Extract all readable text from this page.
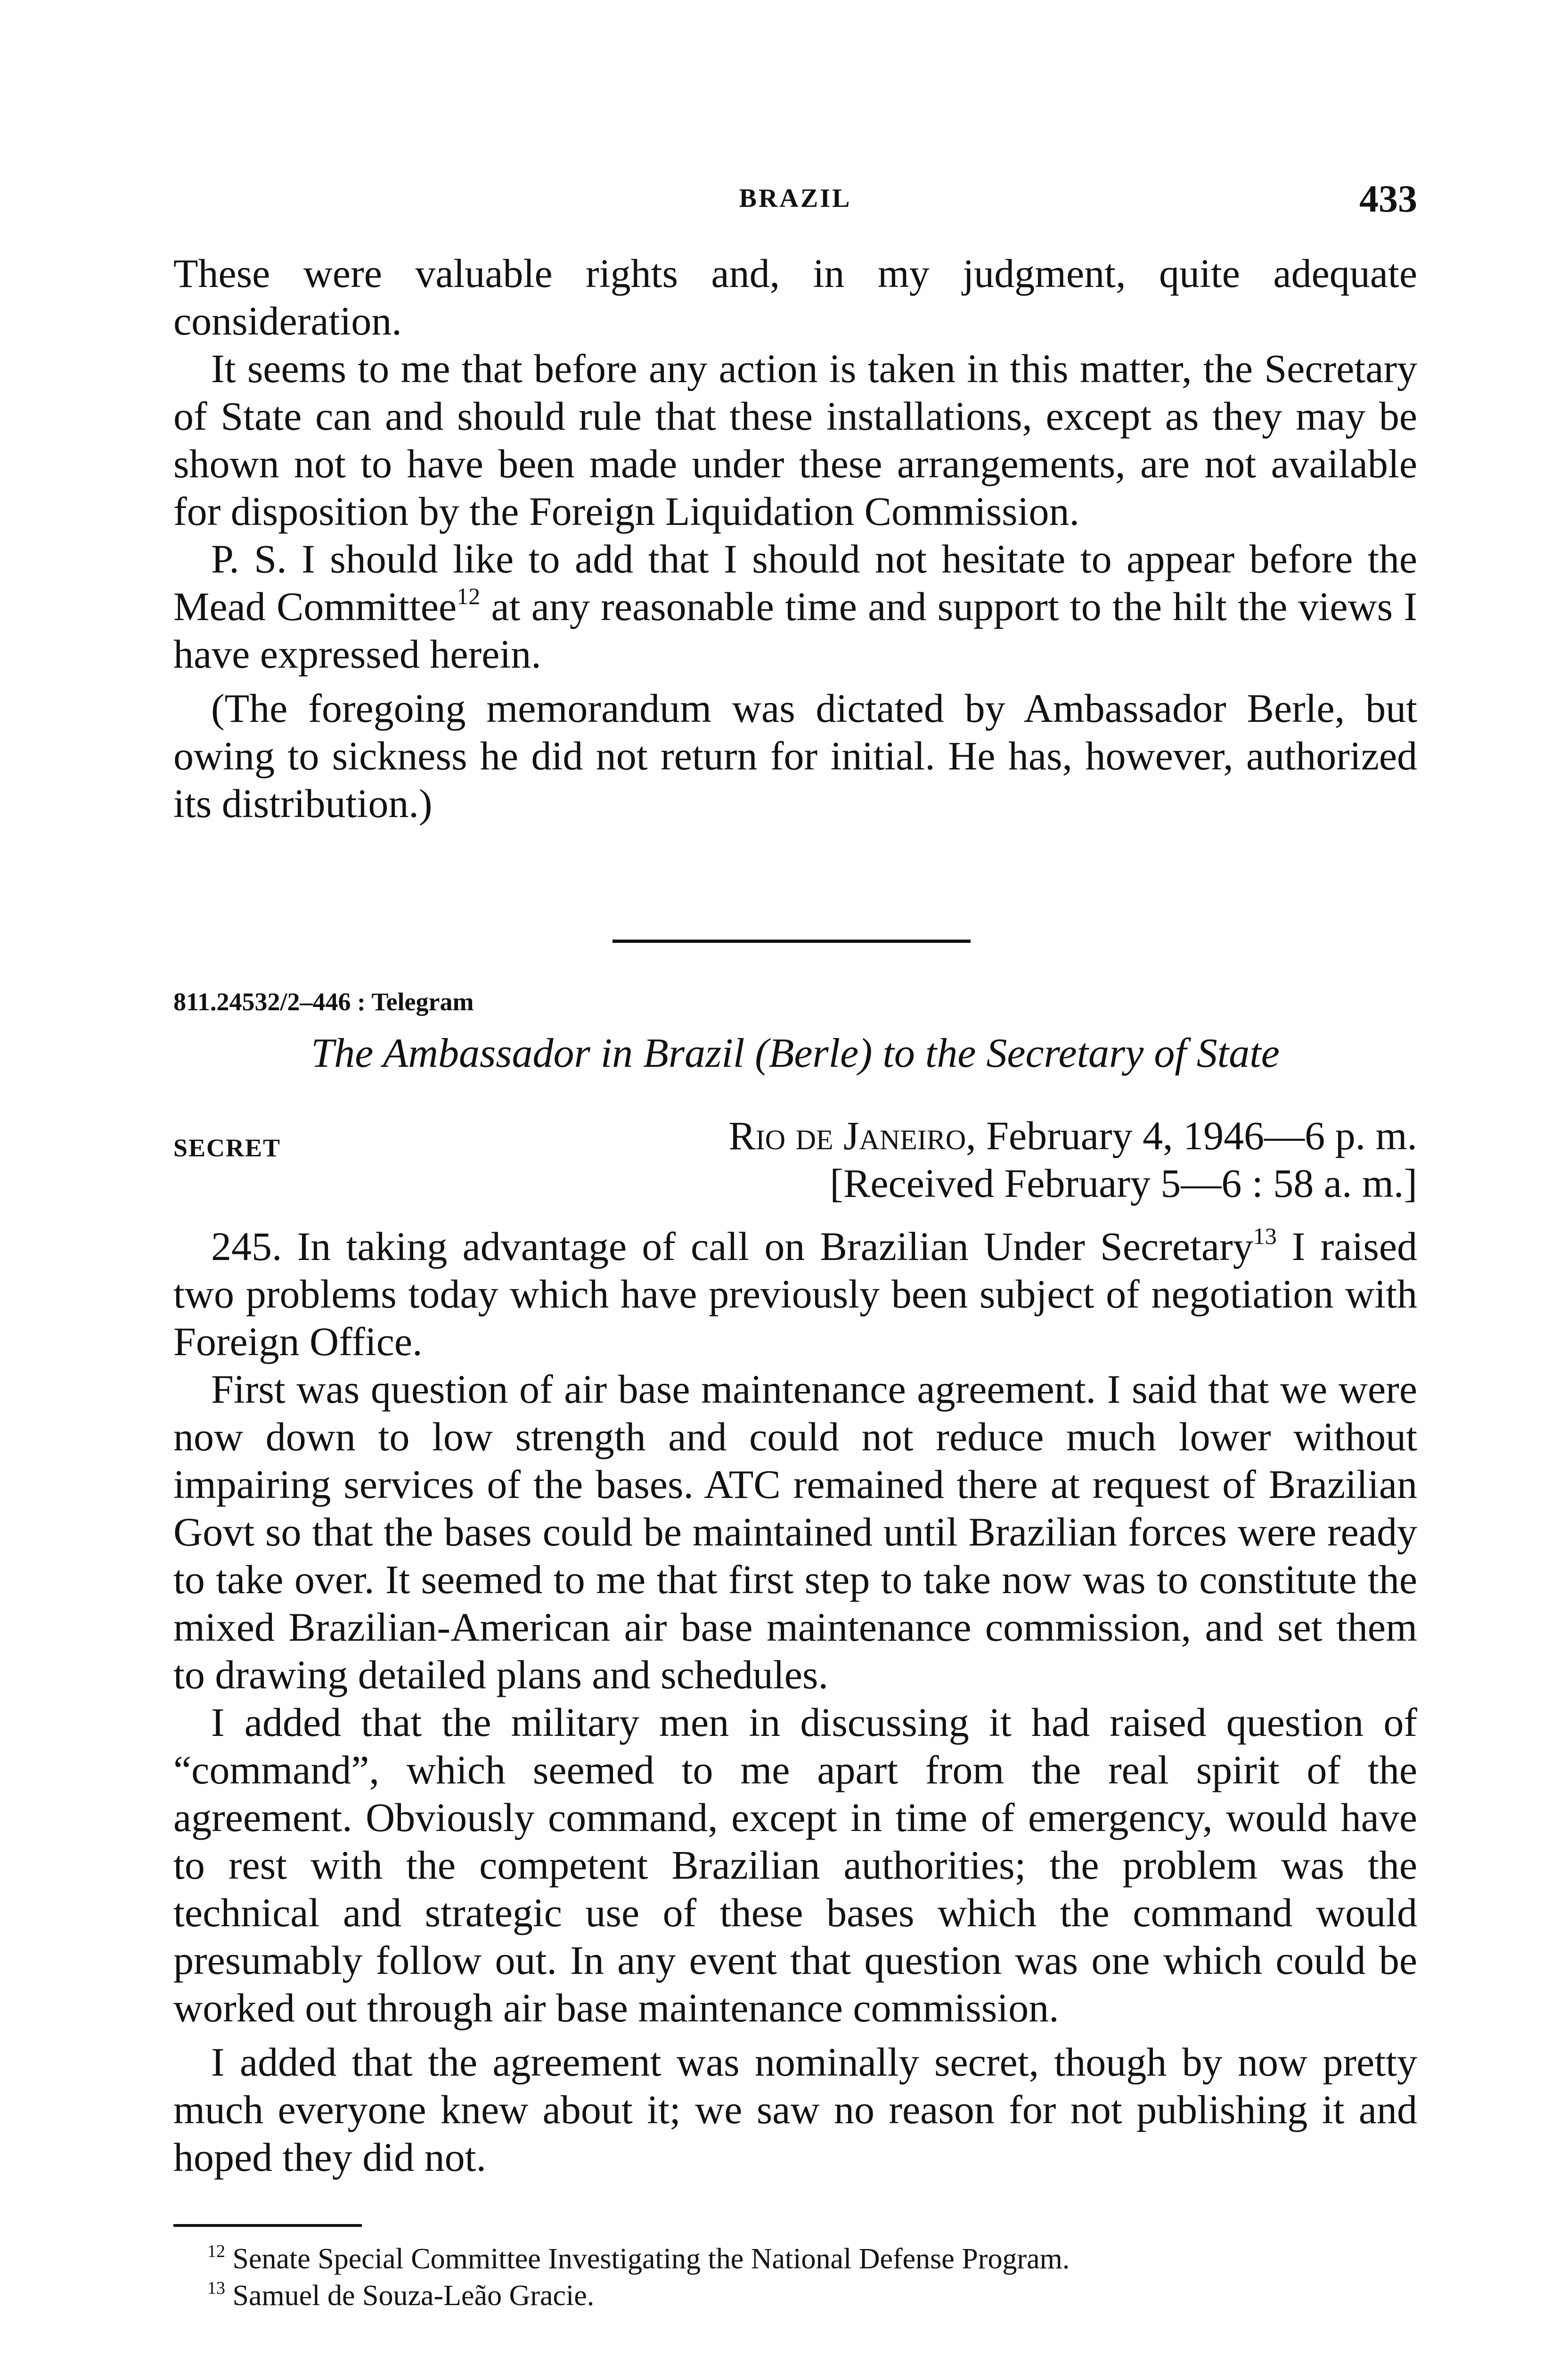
BRAZIL	433

These were valuable rights and, in my judgment, quite adequate consideration.

It seems to me that before any action is taken in this matter, the Secretary of State can and should rule that these installations, except as they may be shown not to have been made under these arrangements, are not available for disposition by the Foreign Liquidation Commission.

P. S. I should like to add that I should not hesitate to appear before the Mead Committee$^{12}$ at any reasonable time and support to the hilt the views I have expressed herein.

(The foregoing memorandum was dictated by Ambassador Berle, but owing to sickness he did not return for initial. He has, however, authorized its distribution.)

811.24532/2–446 : Telegram
The Ambassador in Brazil (Berle) to the Secretary of State
SECRET	Rio de Janeiro, February 4, 1946—6 p. m.
[Received February 5—6 : 58 a. m.]

245. In taking advantage of call on Brazilian Under Secretary$^{13}$ I raised two problems today which have previously been subject of negotiation with Foreign Office.

First was question of air base maintenance agreement. I said that we were now down to low strength and could not reduce much lower without impairing services of the bases. ATC remained there at request of Brazilian Govt so that the bases could be maintained until Brazilian forces were ready to take over. It seemed to me that first step to take now was to constitute the mixed Brazilian-American air base maintenance commission, and set them to drawing detailed plans and schedules.

I added that the military men in discussing it had raised question of “command”, which seemed to me apart from the real spirit of the agreement. Obviously command, except in time of emergency, would have to rest with the competent Brazilian authorities; the problem was the technical and strategic use of these bases which the command would presumably follow out. In any event that question was one which could be worked out through air base maintenance commission.

I added that the agreement was nominally secret, though by now pretty much everyone knew about it; we saw no reason for not publishing it and hoped they did not.

$^{12}$ Senate Special Committee Investigating the National Defense Program.
$^{13}$ Samuel de Souza-Leão Gracie.
